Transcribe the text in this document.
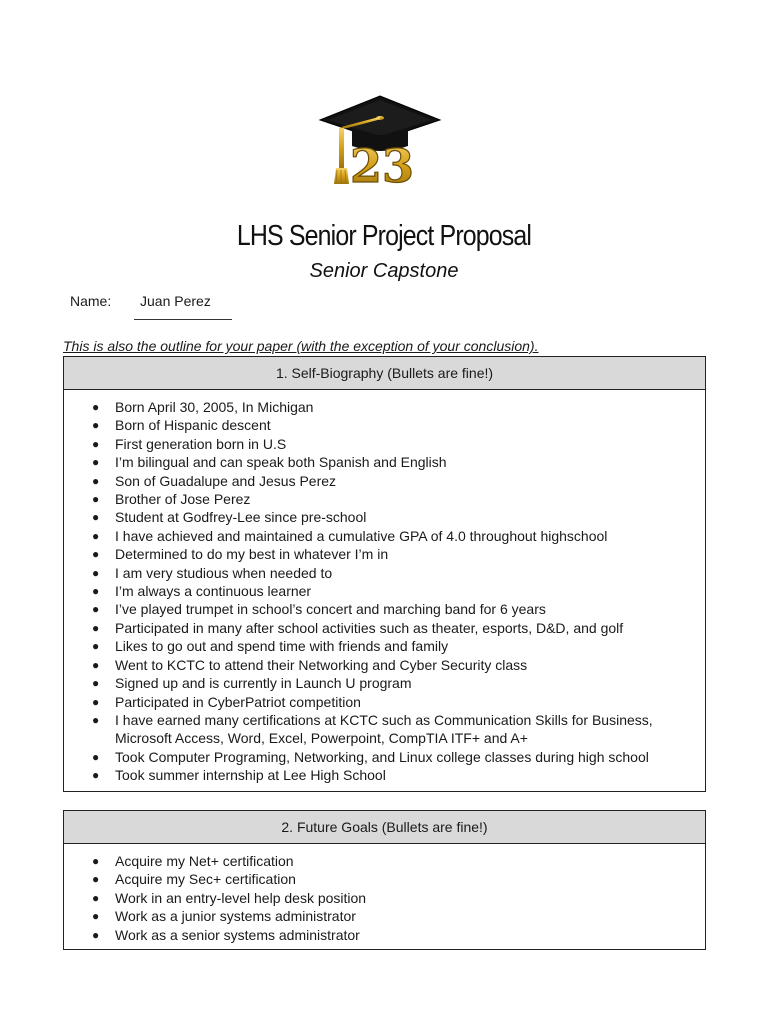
23
LHS Senior Project Proposal
Senior Capstone
Name:	Juan Perez
This is also the outline for your paper (with the exception of your conclusion).
1. Self-Biography (Bullets are fine!)
● Born April 30, 2005, In Michigan
● Born of Hispanic descent
● First generation born in U.S
● I’m bilingual and can speak both Spanish and English
● Son of Guadalupe and Jesus Perez
● Brother of Jose Perez
● Student at Godfrey-Lee since pre-school
● I have achieved and maintained a cumulative GPA of 4.0 throughout highschool
● Determined to do my best in whatever I’m in
● I am very studious when needed to
● I’m always a continuous learner
● I’ve played trumpet in school’s concert and marching band for 6 years
● Participated in many after school activities such as theater, esports, D&D, and golf
● Likes to go out and spend time with friends and family
● Went to KCTC to attend their Networking and Cyber Security class
● Signed up and is currently in Launch U program
● Participated in CyberPatriot competition
● I have earned many certifications at KCTC such as Communication Skills for Business, Microsoft Access, Word, Excel, Powerpoint, CompTIA ITF+ and A+
● Took Computer Programing, Networking, and Linux college classes during high school
● Took summer internship at Lee High School
2. Future Goals (Bullets are fine!)
● Acquire my Net+ certification
● Acquire my Sec+ certification
● Work in an entry-level help desk position
● Work as a junior systems administrator
● Work as a senior systems administrator
